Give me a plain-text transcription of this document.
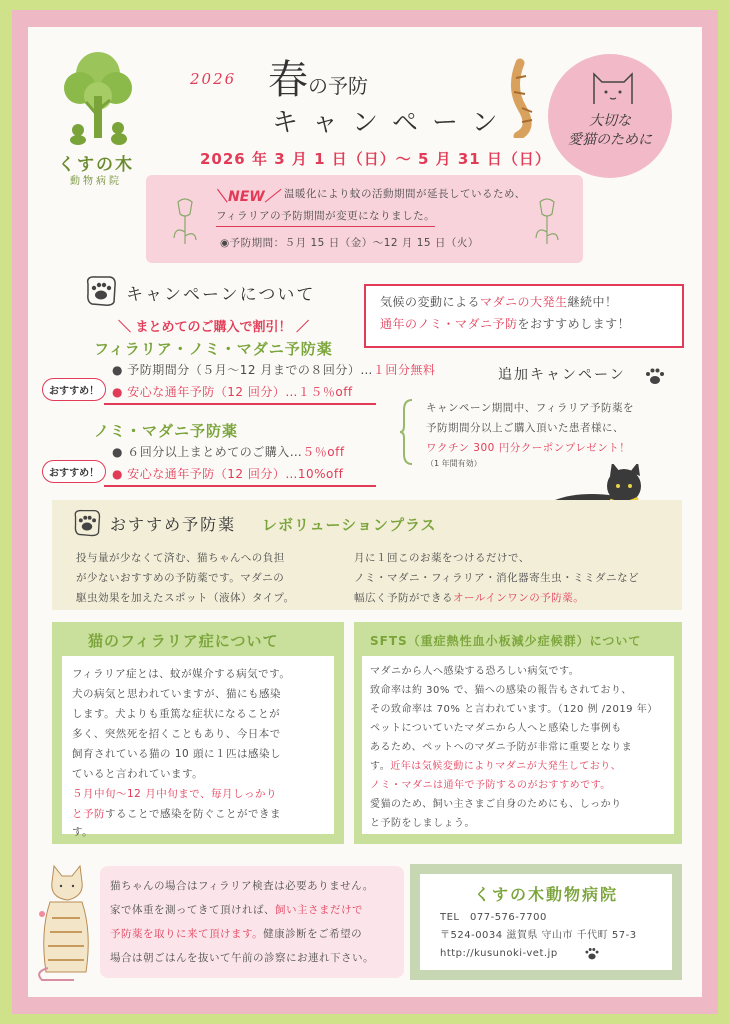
くすの木
動物病院
2026 春の予防
キャンペーン
2026 年 3 月 1 日（日）～ 5 月 31 日（日）
大切な
愛猫のために
＼NEW／ 温暖化により蚊の活動期間が延長しているため、
フィラリアの予防期間が変更になりました。
◉予防期間：５月 15 日（金）～12 月 15 日（火）
キャンペーンについて
＼ まとめてのご購入で割引！ ／
気候の変動によるマダニの大発生継続中！
通年のノミ・マダニ予防をおすすめします！
フィラリア・ノミ・マダニ予防薬
● 予防期間分（５月～12 月までの８回分）…１回分無料
おすすめ！	● 安心な通年予防（12 回分）…１５％off
ノミ・マダニ予防薬
● ６回分以上まとめてのご購入…５％off
おすすめ！	● 安心な通年予防（12 回分）…10%off
追加キャンペーン
キャンペーン期間中、フィラリア予防薬を
予防期間分以上ご購入頂いた患者様に、
ワクチン 300 円分クーポンプレゼント！
（1 年間有効）
おすすめ予防薬 レボリューションプラス
投与量が少なくて済む、猫ちゃんへの負担
が少ないおすすめの予防薬です。マダニの
駆虫効果を加えたスポット（液体）タイプ。
月に１回このお薬をつけるだけで、
ノミ・マダニ・フィラリア・消化器寄生虫・ミミダニなど
幅広く予防ができるオールインワンの予防薬。
猫のフィラリア症について
フィラリア症とは、蚊が媒介する病気です。
犬の病気と思われていますが、猫にも感染
します。犬よりも重篤な症状になることが
多く、突然死を招くこともあり、今日本で
飼育されている猫の 10 頭に１匹は感染し
ていると言われています。
５月中旬～12 月中旬まで、毎月しっかり
と予防することで感染を防ぐことができま
す。
SFTS（重症熱性血小板減少症候群）について
マダニから人へ感染する恐ろしい病気です。
致命率は約 30% で、猫への感染の報告もされており、
その致命率は 70% と言われています。（120 例 /2019 年）
ペットについていたマダニから人へと感染した事例も
あるため、ペットへのマダニ予防が非常に重要となりま
す。近年は気候変動によりマダニが大発生しており、
ノミ・マダニは通年で予防するのがおすすめです。
愛猫のため、飼い主さまご自身のためにも、しっかり
と予防をしましょう。
猫ちゃんの場合はフィラリア検査は必要ありません。
家で体重を測ってきて頂ければ、飼い主さまだけで
予防薬を取りに来て頂けます。健康診断をご希望の
場合は朝ごはんを抜いて午前の診察にお連れ下さい。
くすの木動物病院
TEL　077-576-7700
〒524-0034 滋賀県 守山市 千代町 57-3
http://kusunoki-vet.jp
